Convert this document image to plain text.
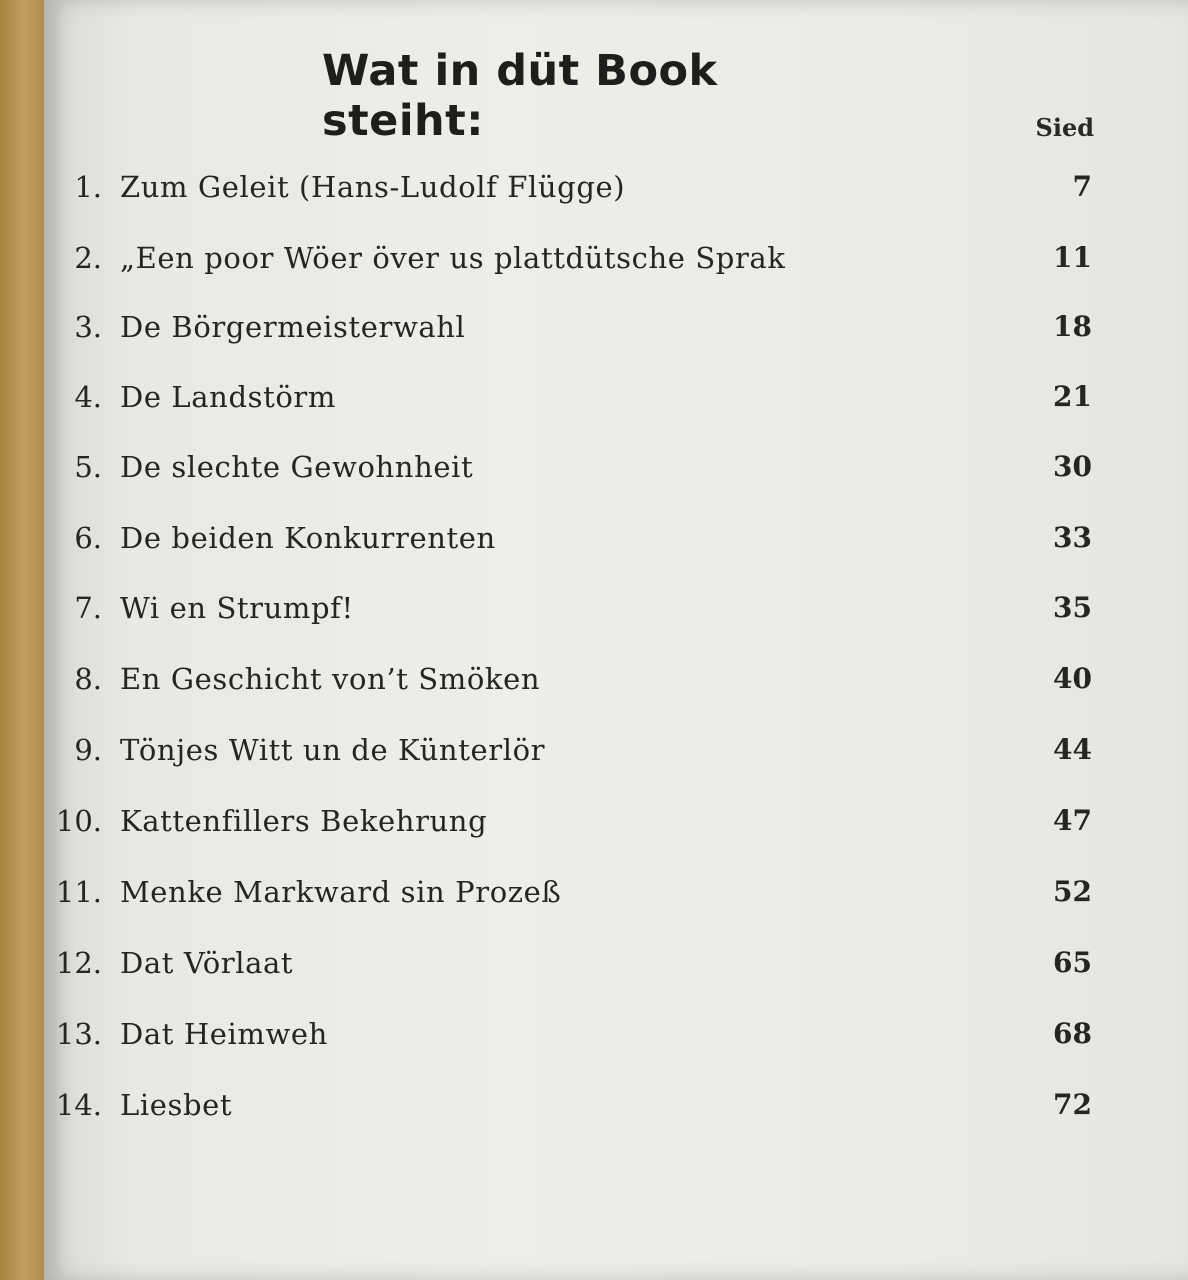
Wat in düt Book steiht:	Sied
1. Zum Geleit (Hans-Ludolf Flügge)	7
2. „Een poor Wöer över us plattdütsche Sprak	11
3. De Börgermeisterwahl	18
4. De Landstörm	21
5. De slechte Gewohnheit	30
6. De beiden Konkurrenten	33
7. Wi en Strumpf!	35
8. En Geschicht von’t Smöken	40
9. Tönjes Witt un de Künterlör	44
10. Kattenfillers Bekehrung	47
11. Menke Markward sin Prozeß	52
12. Dat Vörlaat	65
13. Dat Heimweh	68
14. Liesbet	72
